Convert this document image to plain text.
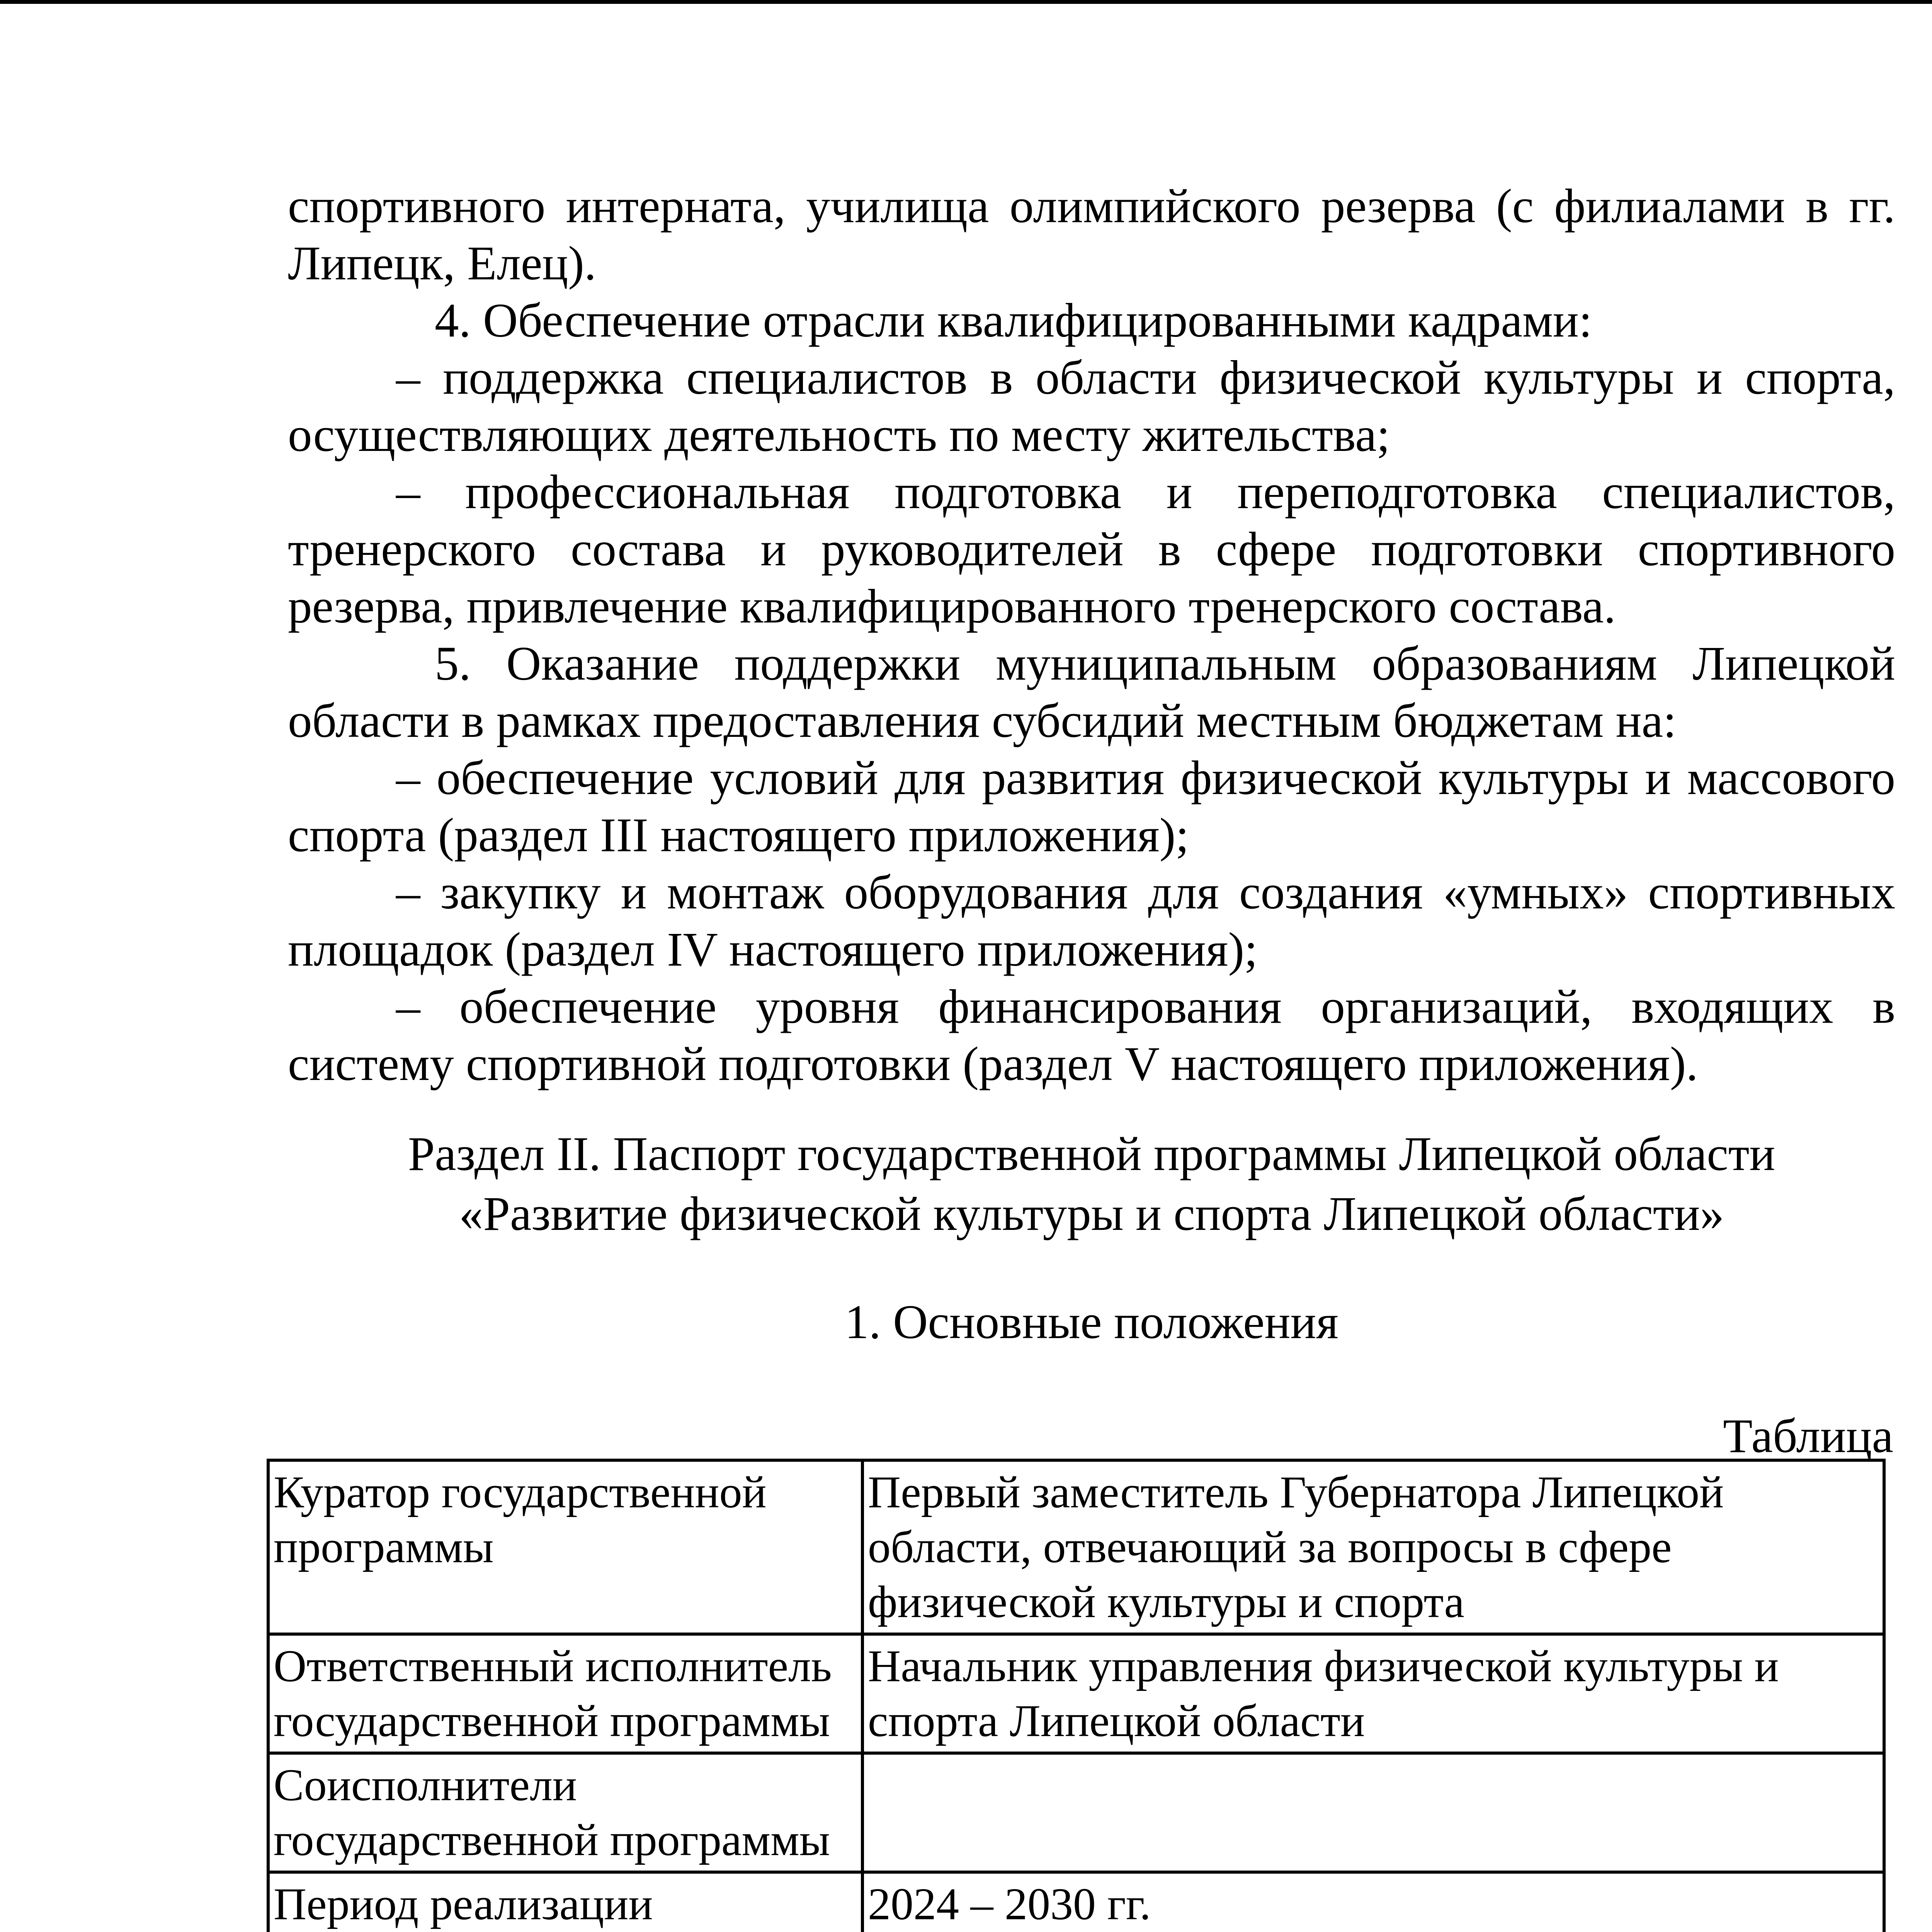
спортивного интерната, училища олимпийского резерва (с филиалами в гг. Липецк, Елец).

4. Обеспечение отрасли квалифицированными кадрами:

– поддержка специалистов в области физической культуры и спорта, осуществляющих деятельность по месту жительства;

– профессиональная подготовка и переподготовка специалистов, тренерского состава и руководителей в сфере подготовки спортивного резерва, привлечение квалифицированного тренерского состава.

5. Оказание поддержки муниципальным образованиям Липецкой области в рамках предоставления субсидий местным бюджетам на:

– обеспечение условий для развития физической культуры и массового спорта (раздел III настоящего приложения);

– закупку и монтаж оборудования для создания «умных» спортивных площадок (раздел IV настоящего приложения);

– обеспечение уровня финансирования организаций, входящих в систему спортивной подготовки (раздел V настоящего приложения).

Раздел II. Паспорт государственной программы Липецкой области
«Развитие физической культуры и спорта Липецкой области»
1. Основные положения
Таблица
Куратор государственной программы	Первый заместитель Губернатора Липецкой области, отвечающий за вопросы в сфере физической культуры и спорта
Ответственный исполнитель государственной программы	Начальник управления физической культуры и спорта Липецкой области
Соисполнители государственной программы	
Период реализации	2024 – 2030 гг.
